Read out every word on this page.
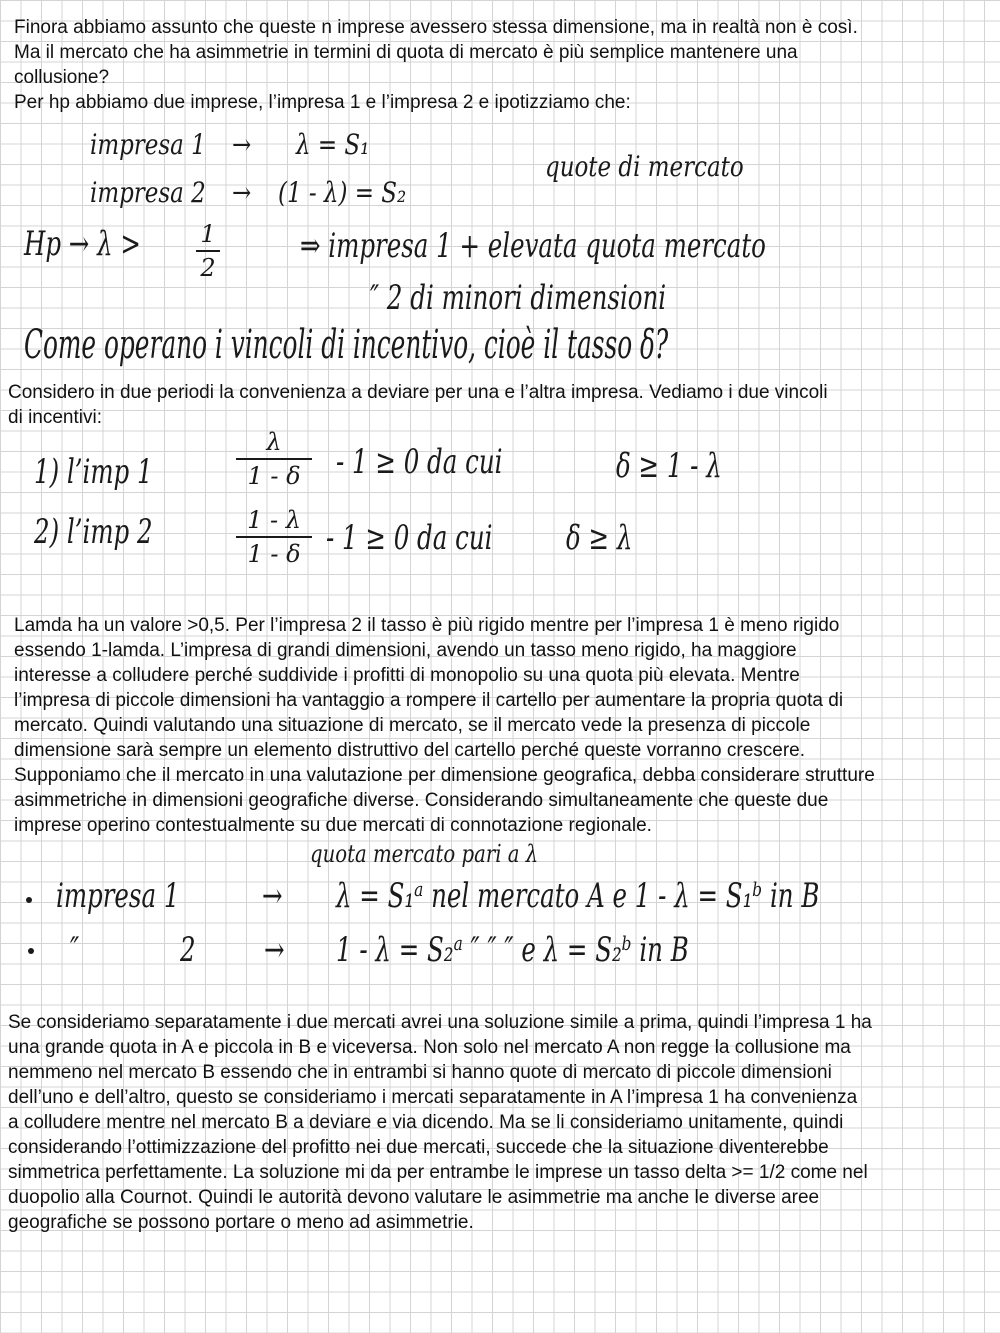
Finora abbiamo assunto che queste n imprese avessero stessa dimensione, ma in realtà non è così.
Ma il mercato che ha asimmetrie in termini di quota di mercato è più semplice mantenere una
collusione?
Per hp abbiamo due imprese, l’impresa 1 e l’impresa 2 e ipotizziamo che:
impresa 1 → λ = S₁
impresa 2 → (1 - λ) = S₂
quote di mercato
Hp → λ > 1
2
⇒ impresa 1 + elevata quota mercato
″ 2 di minori dimensioni
Come operano i vincoli di incentivo, cioè il tasso δ?
Considero in due periodi la convenienza a deviare per una e l’altra impresa. Vediamo i due vincoli
di incentivi:
1) l’imp 1
λ
1 - δ - 1 ≥ 0 da cui	δ ≥ 1 - λ
2) l’imp 2	1 - λ
1 - δ - 1 ≥ 0 da cui δ ≥ λ
Lamda ha un valore >0,5. Per l’impresa 2 il tasso è più rigido mentre per l’impresa 1 è meno rigido
essendo 1-lamda. L’impresa di grandi dimensioni, avendo un tasso meno rigido, ha maggiore
interesse a colludere perché suddivide i profitti di monopolio su una quota più elevata. Mentre
l’impresa di piccole dimensioni ha vantaggio a rompere il cartello per aumentare la propria quota di
mercato. Quindi valutando una situazione di mercato, se il mercato vede la presenza di piccole
dimensione sarà sempre un elemento distruttivo del cartello perché queste vorranno crescere.
Supponiamo che il mercato in una valutazione per dimensione geografica, debba considerare strutture
asimmetriche in dimensioni geografiche diverse. Considerando simultaneamente che queste due
imprese operino contestualmente su due mercati di connotazione regionale.
quota mercato pari a λ
impresa 1 → λ = S₁ᵃ nel mercato A e 1 - λ = S₁ᵇ in B
″	2 → 1 - λ = S₂ᵃ ″ ″ ″ e λ = S₂ᵇ in B
Se consideriamo separatamente i due mercati avrei una soluzione simile a prima, quindi l’impresa 1 ha
una grande quota in A e piccola in B e viceversa. Non solo nel mercato A non regge la collusione ma
nemmeno nel mercato B essendo che in entrambi si hanno quote di mercato di piccole dimensioni
dell’uno e dell’altro, questo se consideriamo i mercati separatamente in A l’impresa 1 ha convenienza
a colludere mentre nel mercato B a deviare e via dicendo. Ma se li consideriamo unitamente, quindi
considerando l’ottimizzazione del profitto nei due mercati, succede che la situazione diventerebbe
simmetrica perfettamente. La soluzione mi da per entrambe le imprese un tasso delta >= 1/2 come nel
duopolio alla Cournot. Quindi le autorità devono valutare le asimmetrie ma anche le diverse aree
geografiche se possono portare o meno ad asimmetrie.
